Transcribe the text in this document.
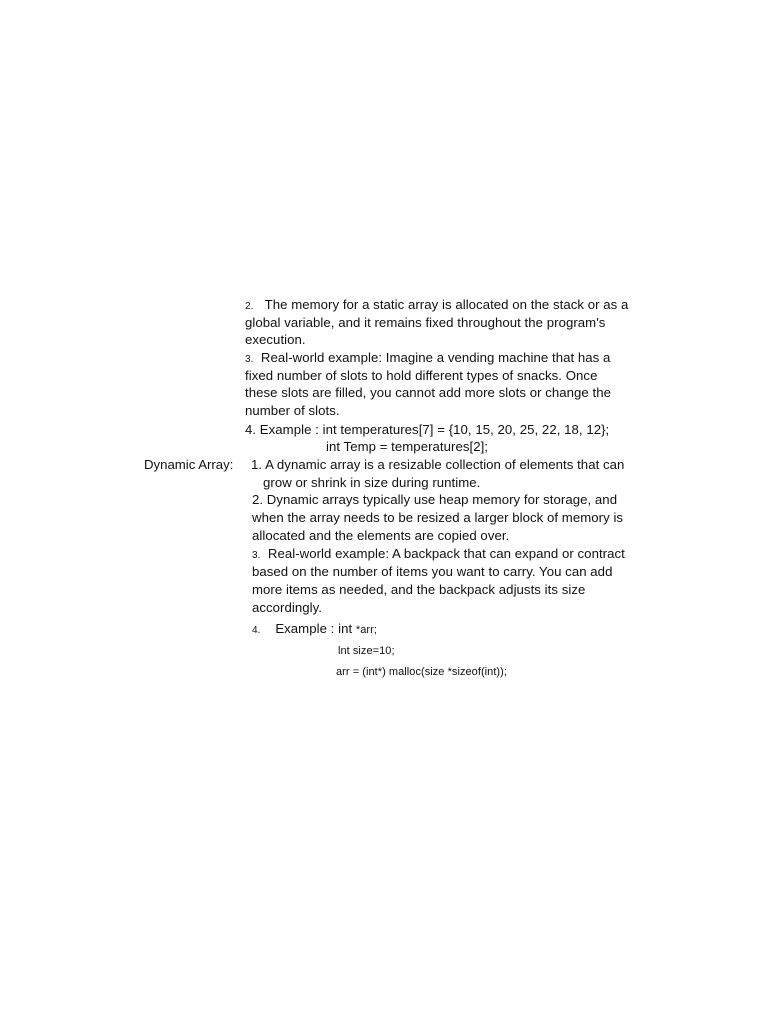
2. The memory for a static array is allocated on the stack or as a
global variable, and it remains fixed throughout the program's
execution.
3. Real-world example: Imagine a vending machine that has a
fixed number of slots to hold different types of snacks. Once
these slots are filled, you cannot add more slots or change the
number of slots.
4. Example : int temperatures[7] = {10, 15, 20, 25, 22, 18, 12};
int Temp = temperatures[2];
Dynamic Array: 1. A dynamic array is a resizable collection of elements that can
grow or shrink in size during runtime.
2. Dynamic arrays typically use heap memory for storage, and
when the array needs to be resized a larger block of memory is
allocated and the elements are copied over.
3. Real-world example: A backpack that can expand or contract
based on the number of items you want to carry. You can add
more items as needed, and the backpack adjusts its size
accordingly.
4. Example : int *arr;
lnt size=10;
arr = (int*) malloc(size *sizeof(int));
